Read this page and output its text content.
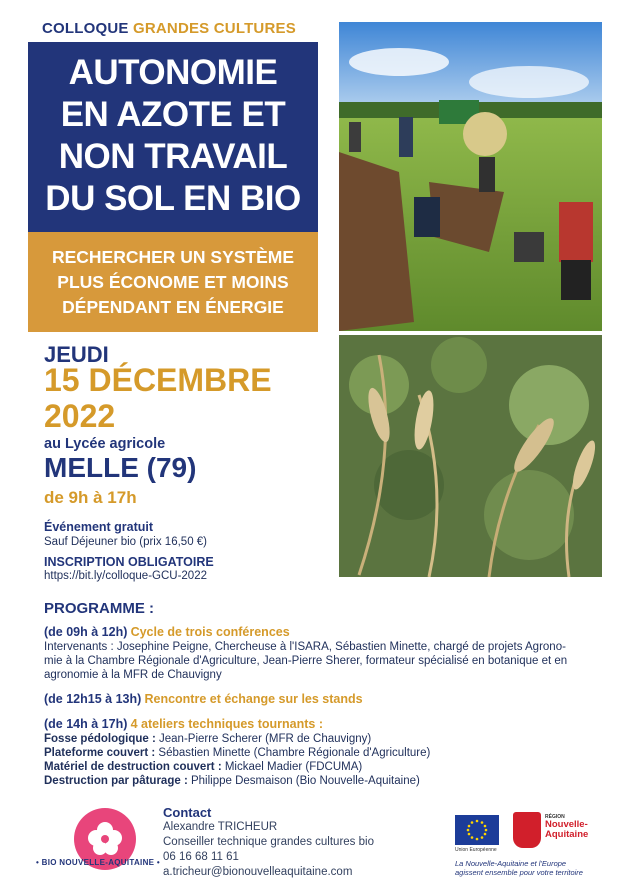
COLLOQUE GRANDES CULTURES
AUTONOMIE
EN AZOTE ET
NON TRAVAIL
DU SOL EN BIO
RECHERCHER UN SYSTÈME
PLUS ÉCONOME ET MOINS
DÉPENDANT EN ÉNERGIE
JEUDI
15 DÉCEMBRE
2022
au Lycée agricole
MELLE (79)
de 9h à 17h
Événement gratuit
Sauf Déjeuner bio (prix 16,50 €)
INSCRIPTION OBLIGATOIRE
https://bit.ly/colloque-GCU-2022
PROGRAMME :
(de 09h à 12h) Cycle de trois conférences
Intervenants : Josephine Peigne, Chercheuse à l'ISARA, Sébastien Minette, chargé de projets Agrono-
mie à la Chambre Régionale d'Agriculture, Jean-Pierre Sherer, formateur spécialisé en botanique et en
agronomie à la MFR de Chauvigny
(de 12h15 à 13h) Rencontre et échange sur les stands
(de 14h à 17h) 4 ateliers techniques tournants :
Fosse pédologique : Jean-Pierre Scherer (MFR de Chauvigny)
Plateforme couvert : Sébastien Minette (Chambre Régionale d'Agriculture)
Matériel de destruction couvert : Mickael Madier (FDCUMA)
Destruction par pâturage : Philippe Desmaison (Bio Nouvelle-Aquitaine)
• BIO NOUVELLE-AQUITAINE •
Contact
Alexandre TRICHEUR
Conseiller technique grandes cultures bio
06 16 68 11 61
a.tricheur@bionouvelleaquitaine.com
Union Européenne
RÉGION
Nouvelle-
Aquitaine
La Nouvelle-Aquitaine et l'Europe
agissent ensemble pour votre territoire
